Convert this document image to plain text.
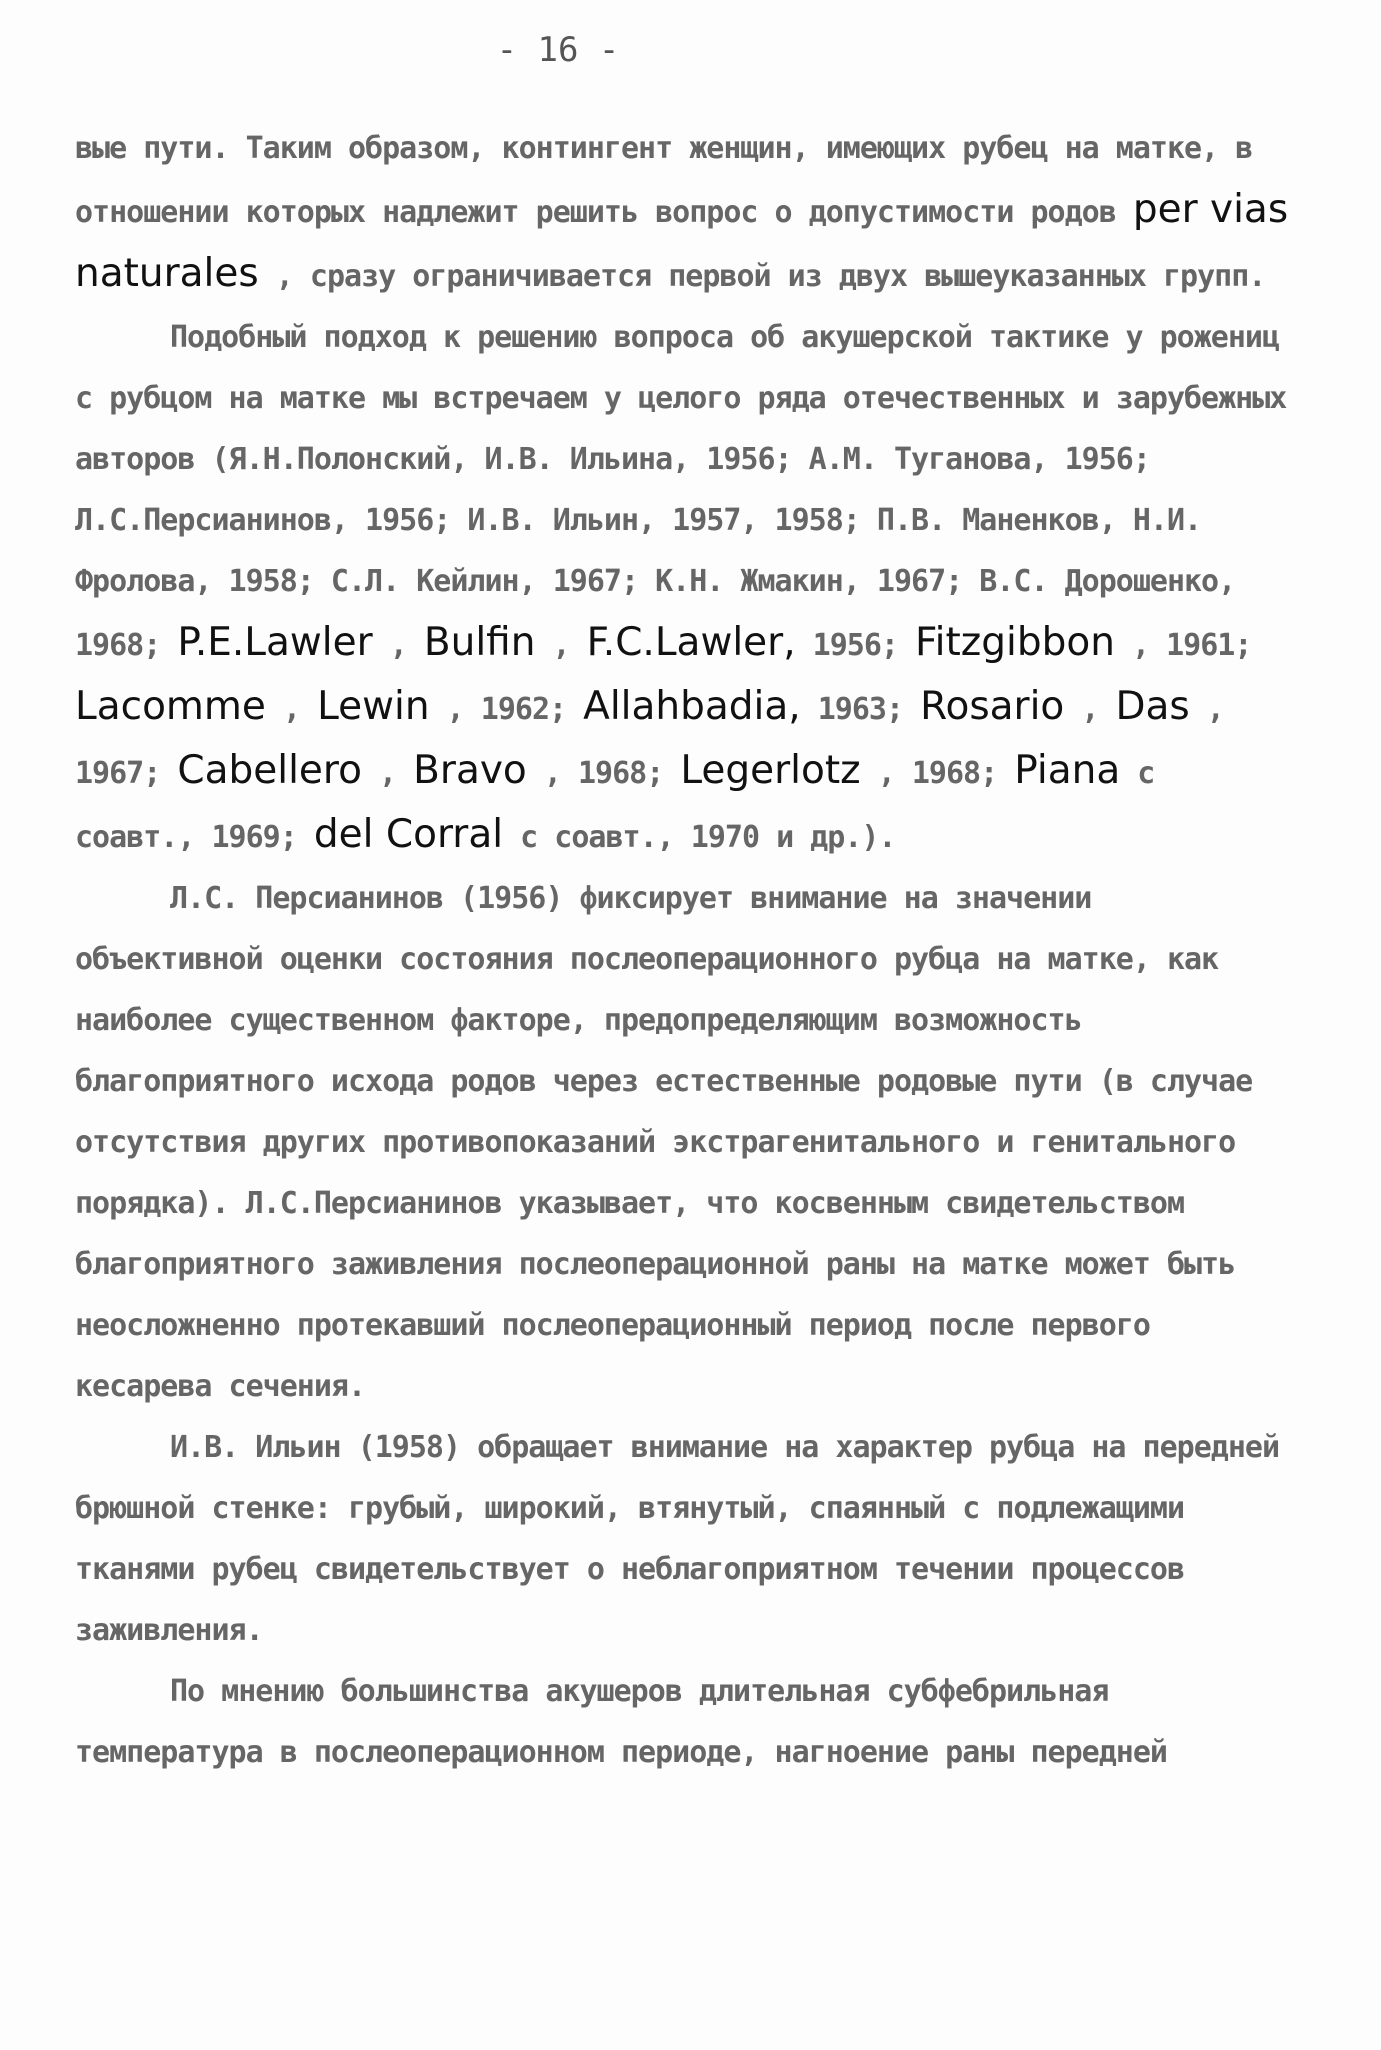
- 16 -

вые пути. Таким образом, контингент женщин, имеющих рубец на матке, в отношении которых надлежит решить вопрос о допустимости родов per vias naturales , сразу ограничивается первой из двух вышеуказанных групп.

Подобный подход к решению вопроса об акушерской тактике у рожениц с рубцом на матке мы встречаем у целого ряда отечественных и зарубежных авторов (Я.Н.Полонский, И.В. Ильина, 1956; А.М. Туганова, 1956; Л.С.Персианинов, 1956; И.В. Ильин, 1957, 1958; П.В. Маненков, Н.И. Фролова, 1958; С.Л. Кейлин, 1967; К.Н. Жмакин, 1967; В.С. Дорошенко, 1968; P.E.Lawler , Bulfin , F.C.Lawler, 1956; Fitzgibbon , 1961; Lacomme , Lewin , 1962; Allahbadia, 1963; Rosario , Das , 1967; Cabellero , Bravo , 1968; Legerlotz , 1968; Piana с соавт., 1969; del Corral с соавт., 1970 и др.).

Л.С. Персианинов (1956) фиксирует внимание на значении объективной оценки состояния послеоперационного рубца на матке, как наиболее существенном факторе, предопределяющим возможность благоприятного исхода родов через естественные родовые пути (в случае отсутствия других противопоказаний экстрагенитального и генитального порядка). Л.С.Персианинов указывает, что косвенным свидетельством благоприятного заживления послеоперационной раны на матке может быть неосложненно протекавший послеоперационный период после первого кесарева сечения.

И.В. Ильин (1958) обращает внимание на характер рубца на передней брюшной стенке: грубый, широкий, втянутый, спаянный с подлежащими тканями рубец свидетельствует о неблагоприятном течении процессов заживления.

По мнению большинства акушеров длительная субфебрильная температура в послеоперационном периоде, нагноение раны передней
